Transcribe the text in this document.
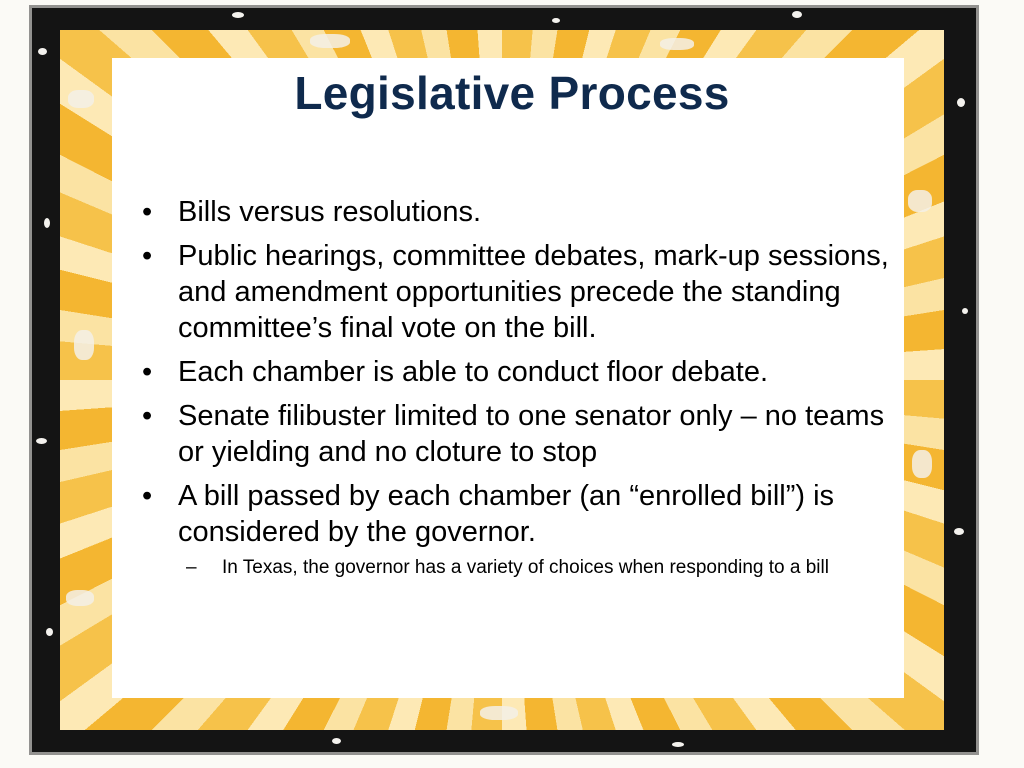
Legislative Process
• Bills versus resolutions.
• Public hearings, committee debates, mark-up sessions, and amendment opportunities precede the standing committee’s final vote on the bill.
• Each chamber is able to conduct floor debate.
• Senate filibuster limited to one senator only – no teams or yielding and no cloture to stop
• A bill passed by each chamber (an “enrolled bill”) is considered by the governor.
– In Texas, the governor has a variety of choices when responding to a bill
